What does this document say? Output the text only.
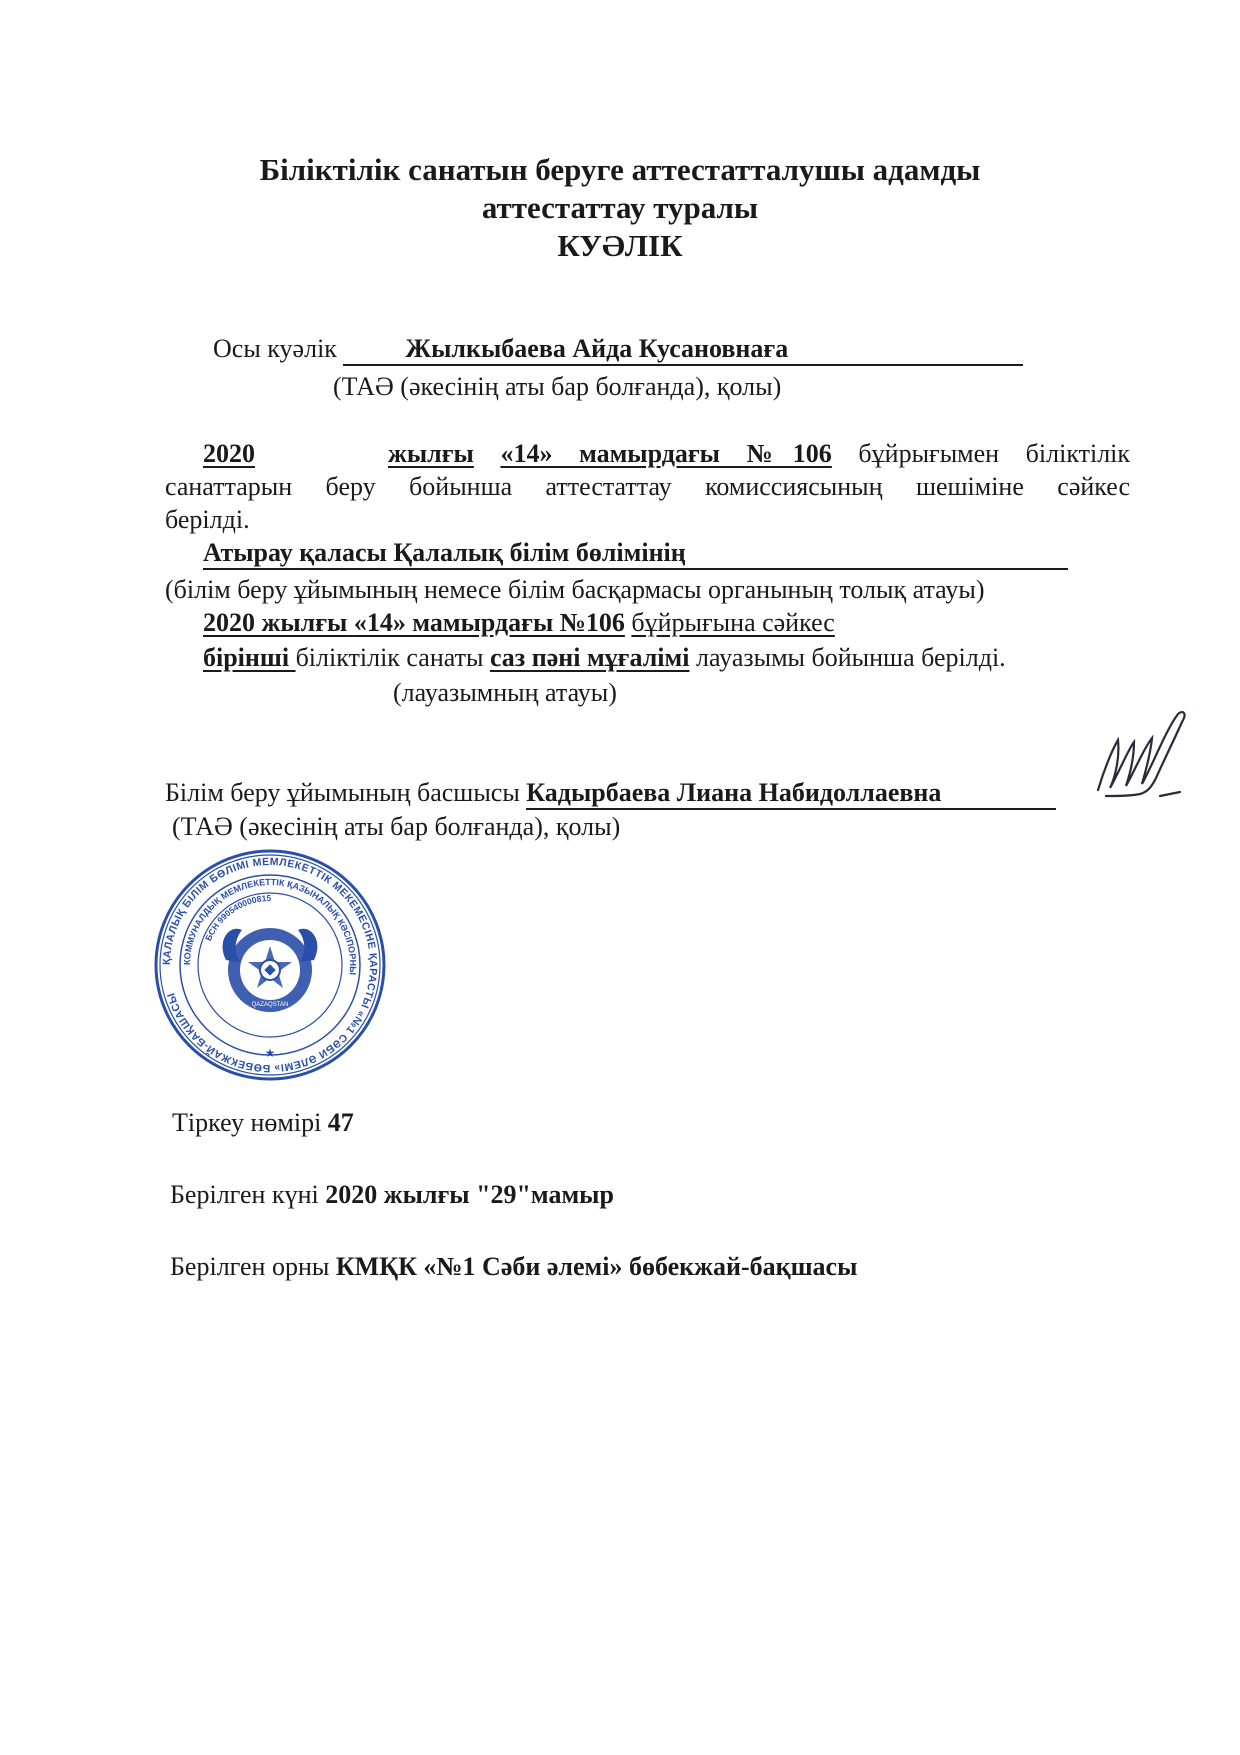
Біліктілік санатын беруге аттестатталушы адамды
аттестаттау туралы
КУӘЛІК
Осы куәлік	Жылкыбаева Айда Кусановнаға
(ТАӘ (әкесінің аты бар болғанда), қолы)
2020	жылғы «14» мамырдағы №106 бұйрығымен біліктілік
санаттарын беру бойынша аттестаттау комиссиясының шешіміне сәйкес
берілді.
Атырау қаласы Қалалық білім бөлімінің
(білім беру ұйымының немесе білім басқармасы органының толық атауы)
2020 жылғы «14» мамырдағы №106 бұйрығына сәйкес
бірінші біліктілік санаты саз пәні мұғалімі лауазымы бойынша берілді.
(лауазымның атауы)
Білім беру ұйымының басшысы Кадырбаева Лиана Набидоллаевна
(ТАӘ (әкесінің аты бар болғанда), қолы)
ҚАЛАЛЫҚ БІЛІМ БӨЛІМІ МЕМЛЕКЕТТІК МЕКЕМЕСІНЕ ҚАРАСТЫ «№1 СӘБИ ӘЛЕМІ» БӨБЕКЖАЙ-БАҚШАСЫ
КОММУНАЛДЫҚ МЕМЛЕКЕТТІК ҚАЗЫНАЛЫҚ КӘСІПОРНЫ
БСН 990540000815
QAZAQSTAN
★
Тіркеу нөмірі 47
Берілген күні 2020 жылғы "29"мамыр
Берілген орны КМҚК «№1 Сәби әлемі» бөбекжай-бақшасы
